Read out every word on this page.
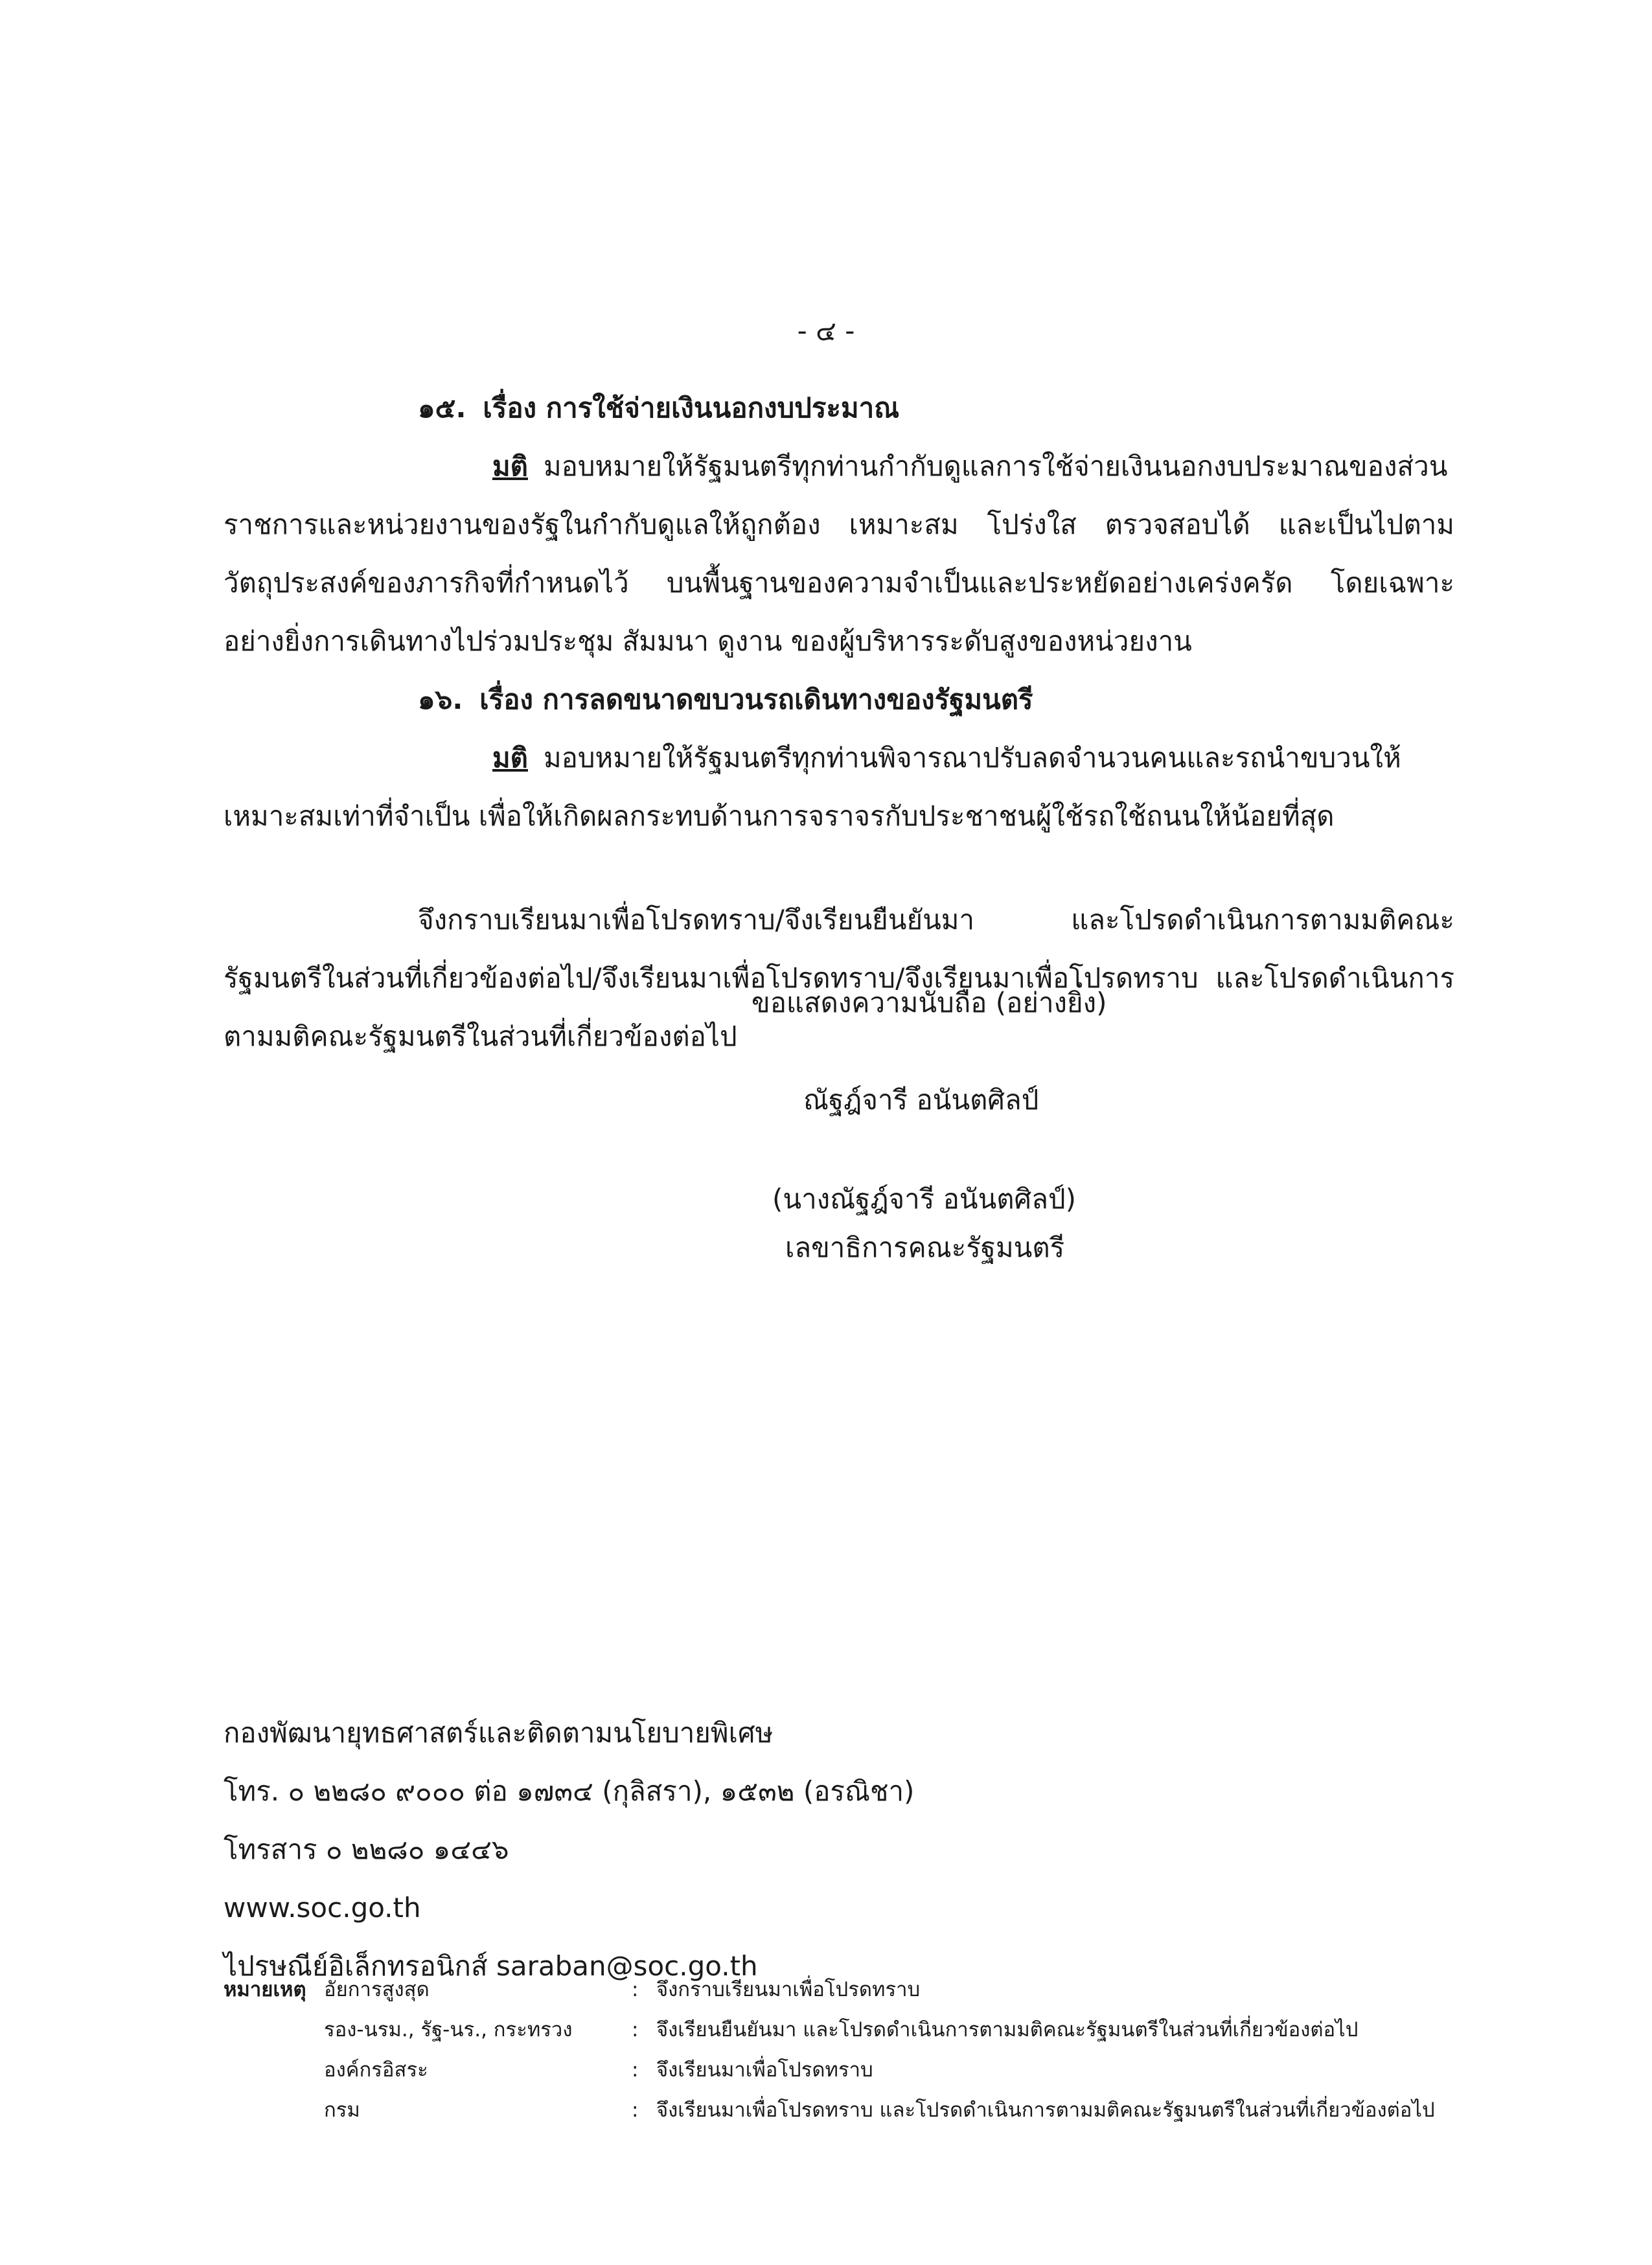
- ๔ -
๑๕. เรื่อง การใช้จ่ายเงินนอกงบประมาณ

มติ มอบหมายให้รัฐมนตรีทุกท่านกำกับดูแลการใช้จ่ายเงินนอกงบประมาณของส่วนราชการและหน่วยงานของรัฐในกำกับดูแลให้ถูกต้อง เหมาะสม โปร่งใส ตรวจสอบได้ และเป็นไปตามวัตถุประสงค์ของภารกิจที่กำหนดไว้ บนพื้นฐานของความจำเป็นและประหยัดอย่างเคร่งครัด โดยเฉพาะอย่างยิ่งการเดินทางไปร่วมประชุม สัมมนา ดูงาน ของผู้บริหารระดับสูงของหน่วยงาน

๑๖. เรื่อง การลดขนาดขบวนรถเดินทางของรัฐมนตรี

มติ มอบหมายให้รัฐมนตรีทุกท่านพิจารณาปรับลดจำนวนคนและรถนำขบวนให้เหมาะสมเท่าที่จำเป็น เพื่อให้เกิดผลกระทบด้านการจราจรกับประชาชนผู้ใช้รถใช้ถนนให้น้อยที่สุด

จึงกราบเรียนมาเพื่อโปรดทราบ/จึงเรียนยืนยันมา และโปรดดำเนินการตามมติคณะรัฐมนตรีในส่วนที่เกี่ยวข้องต่อไป/จึงเรียนมาเพื่อโปรดทราบ/จึงเรียนมาเพื่อโปรดทราบ และโปรดดำเนินการตามมติคณะรัฐมนตรีในส่วนที่เกี่ยวข้องต่อไป

ขอแสดงความนับถือ (อย่างยิ่ง)
ณัฐฎ์จารี อนันตศิลป์
(นางณัฐฎ์จารี อนันตศิลป์)
เลขาธิการคณะรัฐมนตรี
กองพัฒนายุทธศาสตร์และติดตามนโยบายพิเศษ
โทร. ๐ ๒๒๘๐ ๙๐๐๐ ต่อ ๑๗๓๔ (กุลิสรา), ๑๕๓๒ (อรณิชา)
โทรสาร ๐ ๒๒๘๐ ๑๔๔๖
www.soc.go.th
ไปรษณีย์อิเล็กทรอนิกส์ saraban@soc.go.th
หมายเหตุ	อัยการสูงสุด	:	จึงกราบเรียนมาเพื่อโปรดทราบ
	รอง-นรม., รัฐ-นร., กระทรวง	:	จึงเรียนยืนยันมา และโปรดดำเนินการตามมติคณะรัฐมนตรีในส่วนที่เกี่ยวข้องต่อไป
	องค์กรอิสระ	:	จึงเรียนมาเพื่อโปรดทราบ
	กรม	:	จึงเรียนมาเพื่อโปรดทราบ และโปรดดำเนินการตามมติคณะรัฐมนตรีในส่วนที่เกี่ยวข้องต่อไป
